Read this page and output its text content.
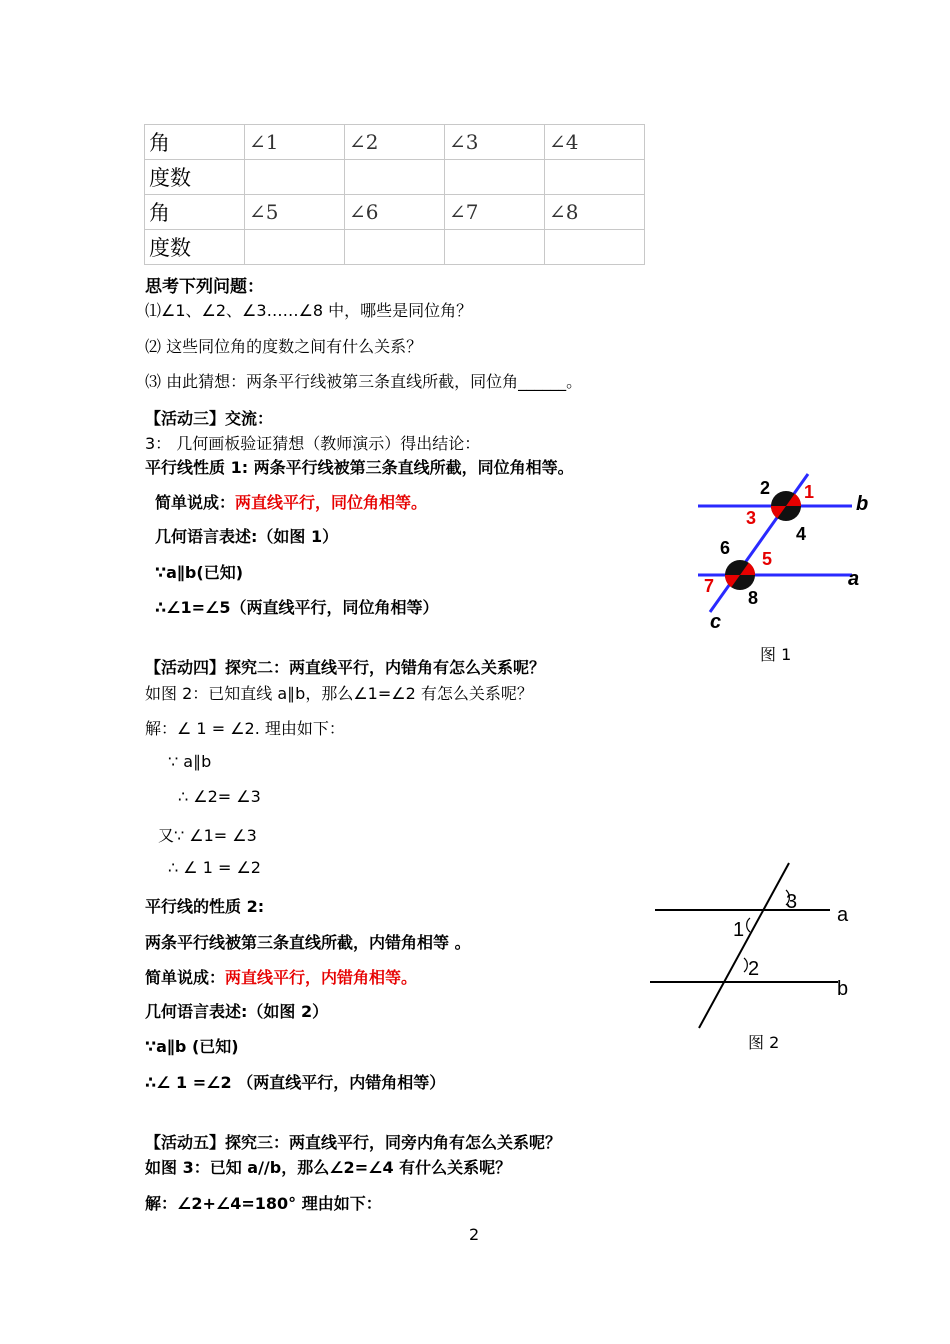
角	∠1	∠2	∠3	∠4
度数				
角	∠5	∠6	∠7	∠8
度数				
思考下列问题：
⑴∠1、∠2、∠3……∠8 中，哪些是同位角？
⑵ 这些同位角的度数之间有什么关系？
⑶ 由此猜想：两条平行线被第三条直线所截，同位角______。
【活动三】交流：
3： 几何画板验证猜想（教师演示）得出结论：
平行线性质 1: 两条平行线被第三条直线所截，同位角相等。
简单说成：两直线平行，同位角相等。
几何语言表述:（如图 1）
∵a∥b(已知)
∴∠1=∠5（两直线平行，同位角相等）
1
2
3
4
5
6
7
8
b
a
c
图 1
【活动四】探究二：两直线平行，内错角有怎么关系呢？
如图 2：已知直线 a∥b，那么∠1=∠2 有怎么关系呢？
解：∠ 1 = ∠2. 理由如下：
∵ a∥b
∴ ∠2= ∠3
又∵ ∠1= ∠3
∴ ∠ 1 = ∠2
平行线的性质 2:
两条平行线被第三条直线所截，内错角相等 。
简单说成：两直线平行，内错角相等。
几何语言表述:（如图 2）
∵a∥b (已知)
∴∠ 1 =∠2 （两直线平行，内错角相等）
3
1
2
a
b
图 2
【活动五】探究三：两直线平行，同旁内角有怎么关系呢？
如图 3：已知 a//b，那么∠2=∠4 有什么关系呢？
解：∠2+∠4=180° 理由如下：
2
